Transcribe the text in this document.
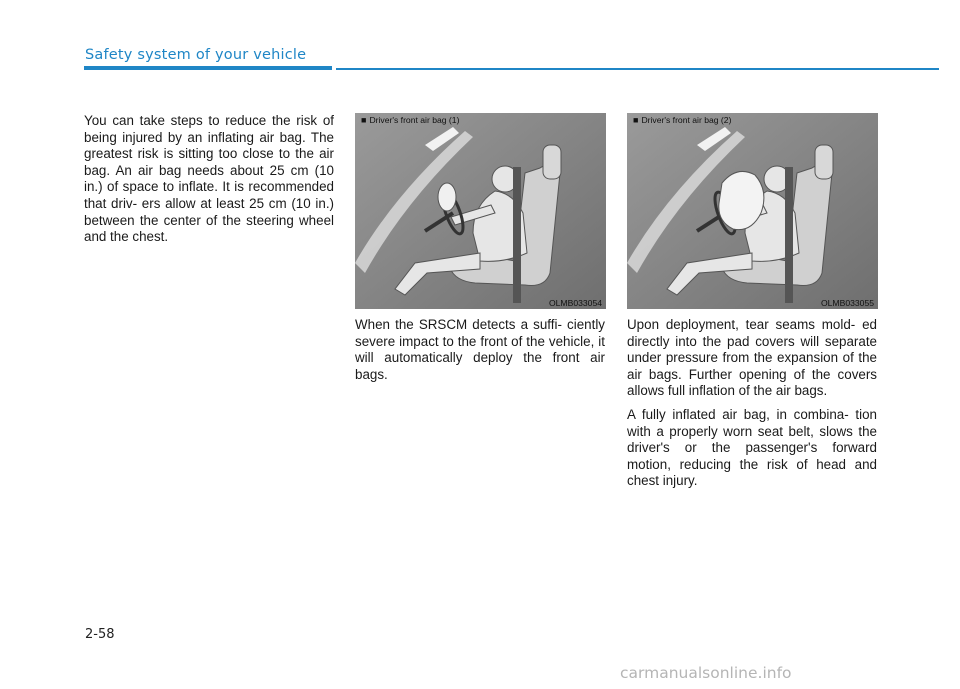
Safety system of your vehicle

You can take steps to reduce the risk of being injured by an inflating air bag. The greatest risk is sitting too close to the air bag. An air bag needs about 25 cm (10 in.) of space to inflate. It is recommended that driv- ers allow at least 25 cm (10 in.) between the center of the steering wheel and the chest.

■ Driver's front air bag (1)
OLMB033054
■ Driver's front air bag (2)
OLMB033055

When the SRSCM detects a suffi- ciently severe impact to the front of the vehicle, it will automatically deploy the front air bags.

Upon deployment, tear seams mold- ed directly into the pad covers will separate under pressure from the expansion of the air bags. Further opening of the covers allows full inflation of the air bags.

A fully inflated air bag, in combina- tion with a properly worn seat belt, slows the driver's or the passenger's forward motion, reducing the risk of head and chest injury.

2-58
carmanualsonline.info
